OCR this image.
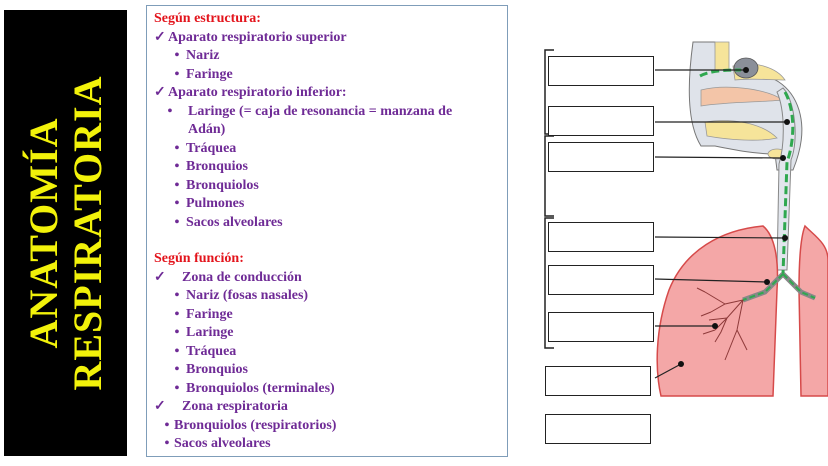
ANATOMÍA RESPIRATORIA
Según estructura:
✓ Aparato respiratorio superior
• Nariz
• Faringe
✓ Aparato respiratorio inferior:
• Laringe (= caja de resonancia = manzana de Adán)
• Tráquea
• Bronquios
• Bronquiolos
• Pulmones
• Sacos alveolares
Según función:
✓ Zona de conducción
• Nariz (fosas nasales)
• Faringe
• Laringe
• Tráquea
• Bronquios
• Bronquiolos (terminales)
✓ Zona respiratoria
• Bronquiolos (respiratorios)
• Sacos alveolares
